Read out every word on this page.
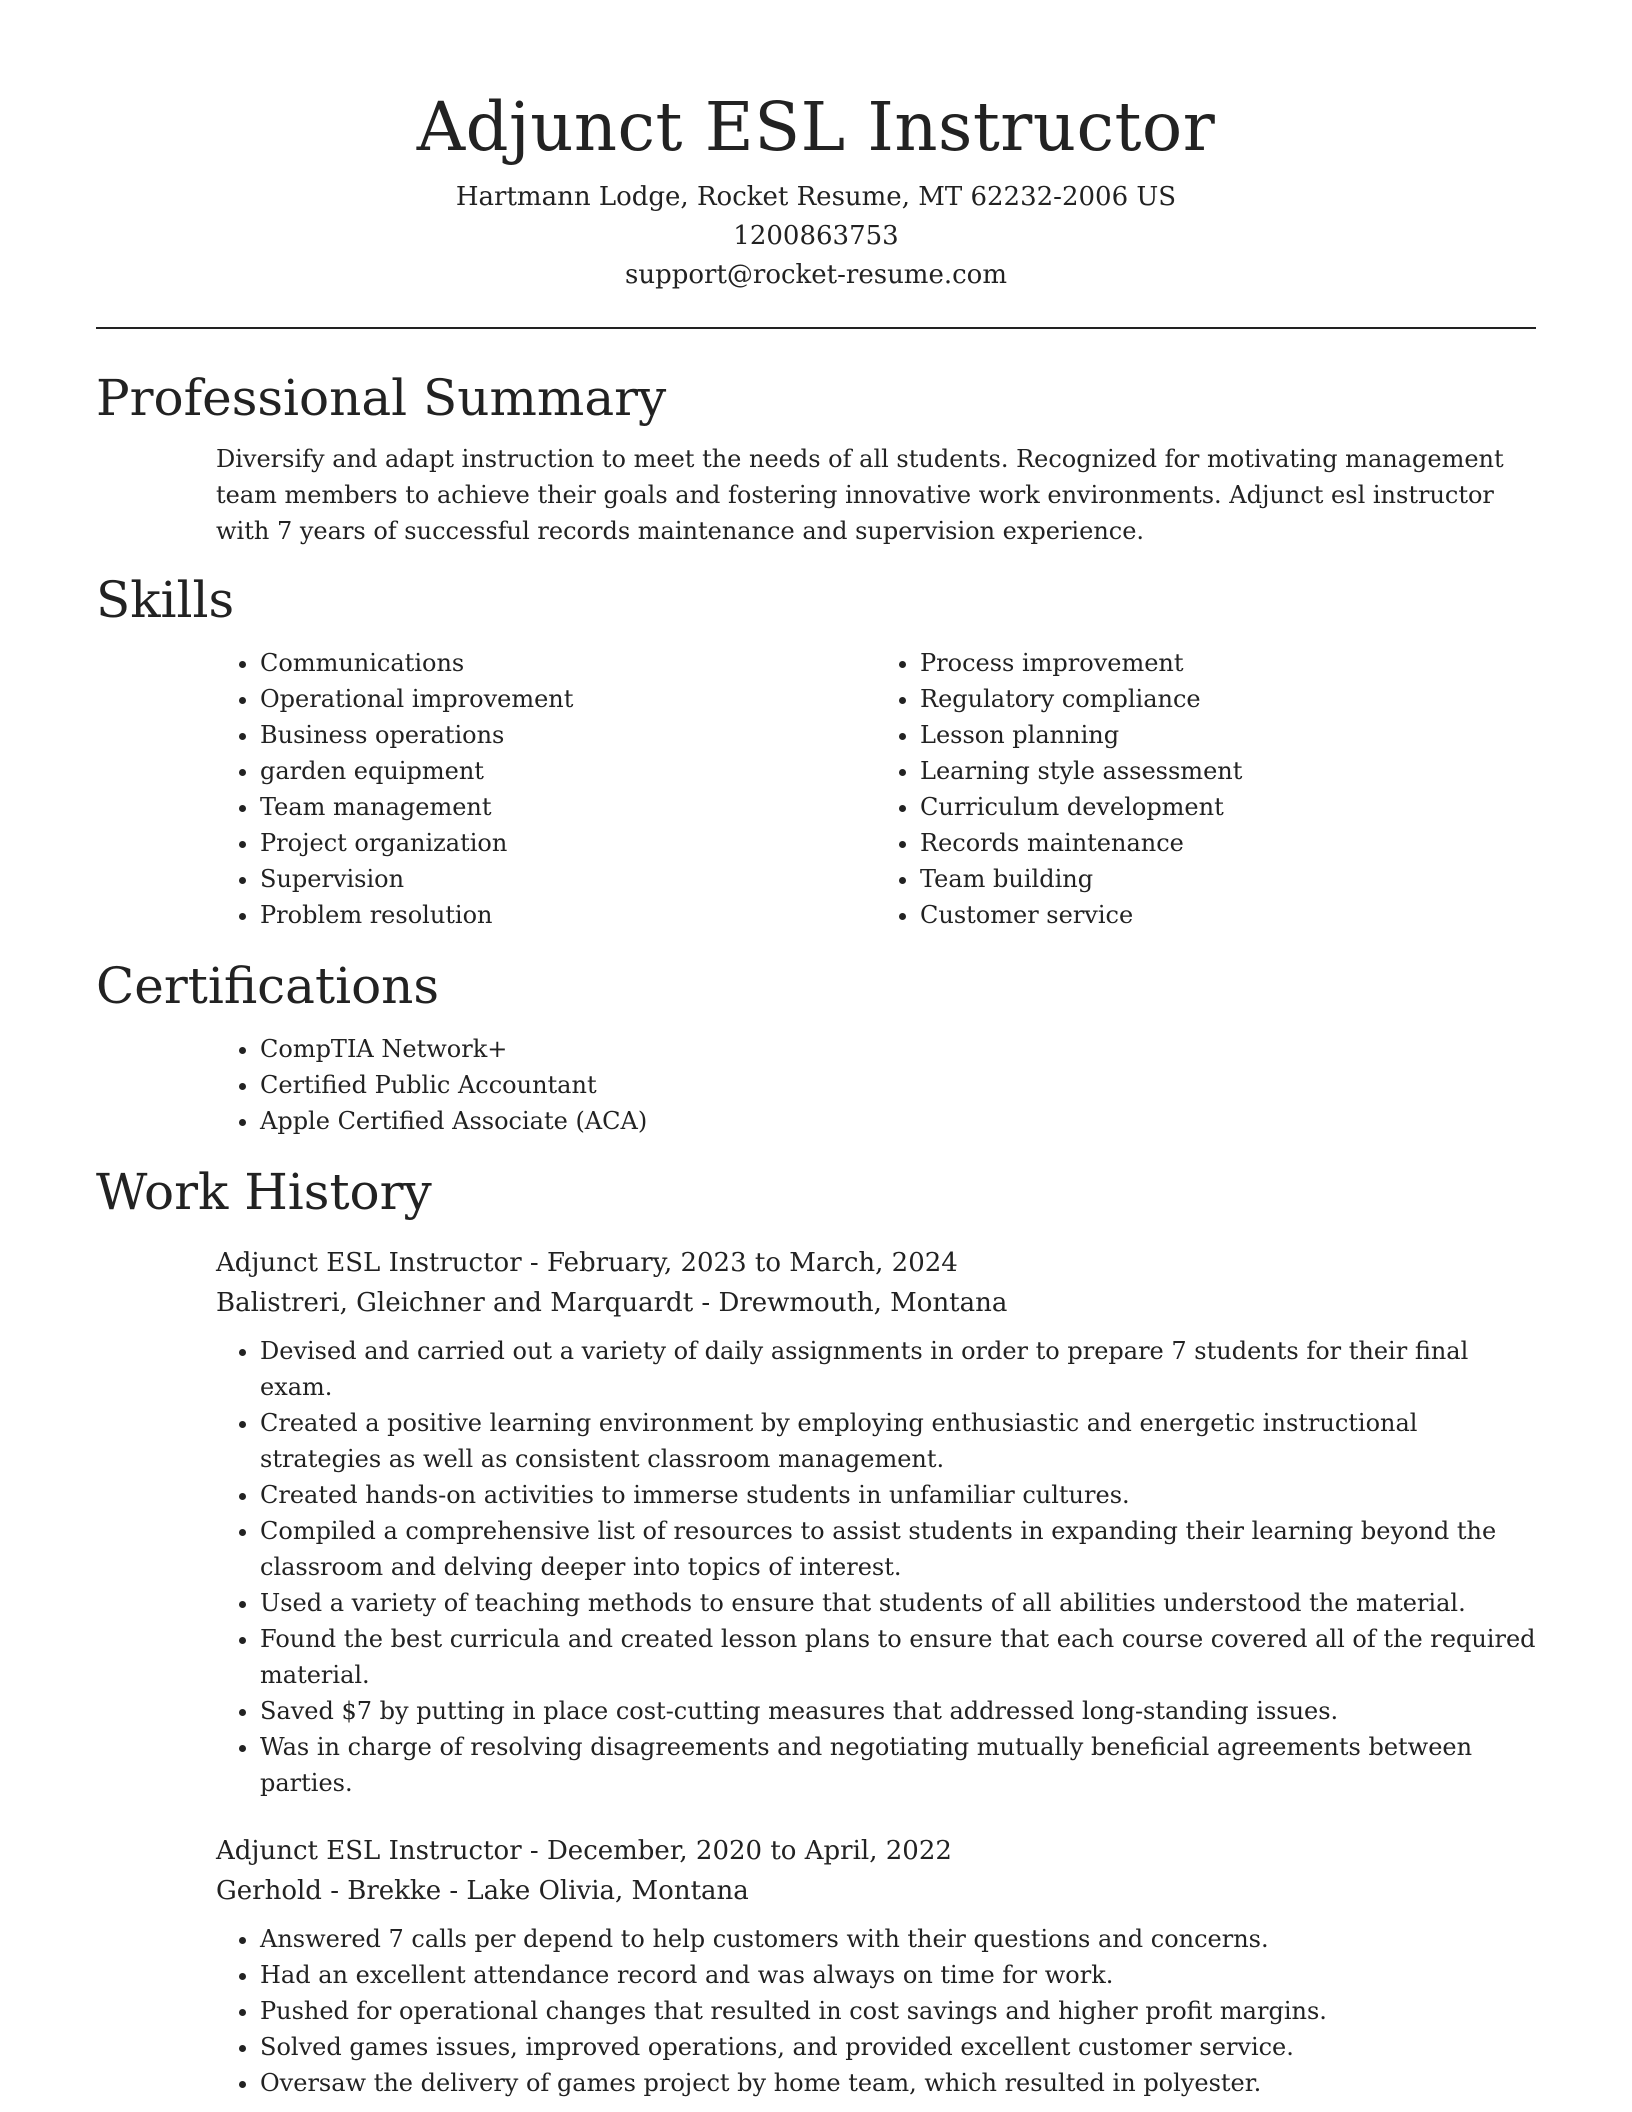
Adjunct ESL Instructor
Hartmann Lodge, Rocket Resume, MT 62232-2006 US
1200863753
support@rocket-resume.com
Professional Summary

Diversify and adapt instruction to meet the needs of all students. Recognized for motivating management team members to achieve their goals and fostering innovative work environments. Adjunct esl instructor with 7 years of successful records maintenance and supervision experience.

Skills
• Communications
• Operational improvement
• Business operations
• garden equipment
• Team management
• Project organization
• Supervision
• Problem resolution
• Process improvement
• Regulatory compliance
• Lesson planning
• Learning style assessment
• Curriculum development
• Records maintenance
• Team building
• Customer service
Certifications
• CompTIA Network+
• Certified Public Accountant
• Apple Certified Associate (ACA)
Work History
Adjunct ESL Instructor - February, 2023 to March, 2024
Balistreri, Gleichner and Marquardt - Drewmouth, Montana
• Devised and carried out a variety of daily assignments in order to prepare 7 students for their final exam.
• Created a positive learning environment by employing enthusiastic and energetic instructional strategies as well as consistent classroom management.
• Created hands-on activities to immerse students in unfamiliar cultures.
• Compiled a comprehensive list of resources to assist students in expanding their learning beyond the classroom and delving deeper into topics of interest.
• Used a variety of teaching methods to ensure that students of all abilities understood the material.
• Found the best curricula and created lesson plans to ensure that each course covered all of the required material.
• Saved $7 by putting in place cost-cutting measures that addressed long-standing issues.
• Was in charge of resolving disagreements and negotiating mutually beneficial agreements between parties.
Adjunct ESL Instructor - December, 2020 to April, 2022
Gerhold - Brekke - Lake Olivia, Montana
• Answered 7 calls per depend to help customers with their questions and concerns.
• Had an excellent attendance record and was always on time for work.
• Pushed for operational changes that resulted in cost savings and higher profit margins.
• Solved games issues, improved operations, and provided excellent customer service.
• Oversaw the delivery of games project by home team, which resulted in polyester.
